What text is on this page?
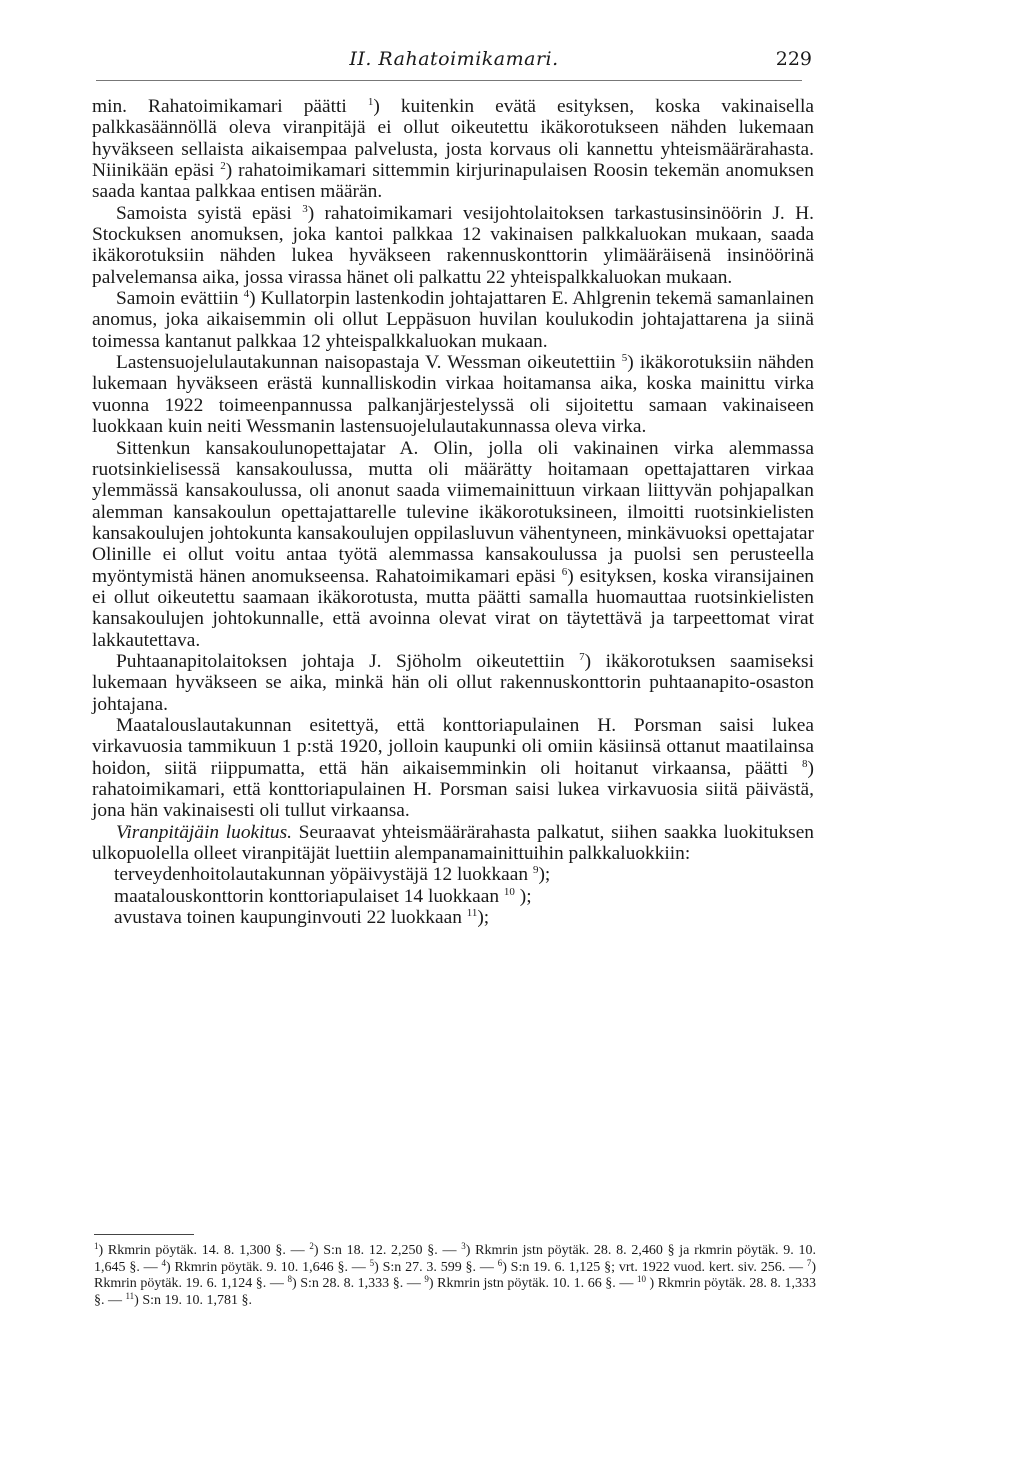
II. Rahatoimikamari.	229

min. Rahatoimikamari päätti $^1$) kuitenkin evätä esityksen, koska vakinaisella palkkasäännöllä oleva viranpitäjä ei ollut oikeutettu ikäkorotukseen nähden lukemaan hyväkseen sellaista aikaisempaa palvelusta, josta korvaus oli kannettu yhteismäärärahasta. Niinikään epäsi $^2$) rahatoimikamari sittemmin kirjurinapulaisen Roosin tekemän anomuksen saada kantaa palkkaa entisen määrän.

Samoista syistä epäsi $^3$) rahatoimikamari vesijohtolaitoksen tarkastusinsinöörin J. H. Stockuksen anomuksen, joka kantoi palkkaa 12 vakinaisen palkkaluokan mukaan, saada ikäkorotuksiin nähden lukea hyväkseen rakennuskonttorin ylimääräisenä insinöörinä palvelemansa aika, jossa virassa hänet oli palkattu 22 yhteispalkkaluokan mukaan.

Samoin evättiin $^4$) Kullatorpin lastenkodin johtajattaren E. Ahlgrenin tekemä samanlainen anomus, joka aikaisemmin oli ollut Leppäsuon huvilan koulukodin johtajattarena ja siinä toimessa kantanut palkkaa 12 yhteispalkkaluokan mukaan.

Lastensuojelulautakunnan naisopastaja V. Wessman oikeutettiin $^5$) ikäkorotuksiin nähden lukemaan hyväkseen erästä kunnalliskodin virkaa hoitamansa aika, koska mainittu virka vuonna 1922 toimeenpannussa palkanjärjestelyssä oli sijoitettu samaan vakinaiseen luokkaan kuin neiti Wessmanin lastensuojelulautakunnassa oleva virka.

Sittenkun kansakoulunopettajatar A. Olin, jolla oli vakinainen virka alemmassa ruotsinkielisessä kansakoulussa, mutta oli määrätty hoitamaan opettajattaren virkaa ylemmässä kansakoulussa, oli anonut saada viimemainittuun virkaan liittyvän pohjapalkan alemman kansakoulun opettajattarelle tulevine ikäkorotuksineen, ilmoitti ruotsinkielisten kansakoulujen johtokunta kansakoulujen oppilasluvun vähentyneen, minkävuoksi opettajatar Olinille ei ollut voitu antaa työtä alemmassa kansakoulussa ja puolsi sen perusteella myöntymistä hänen anomukseensa. Rahatoimikamari epäsi $^6$) esityksen, koska viransijainen ei ollut oikeutettu saamaan ikäkorotusta, mutta päätti samalla huomauttaa ruotsinkielisten kansakoulujen johtokunnalle, että avoinna olevat virat on täytettävä ja tarpeettomat virat lakkautettava.

Puhtaanapitolaitoksen johtaja J. Sjöholm oikeutettiin $^7$) ikäkorotuksen saamiseksi lukemaan hyväkseen se aika, minkä hän oli ollut rakennuskonttorin puhtaanapito-osaston johtajana.

Maatalouslautakunnan esitettyä, että konttoriapulainen H. Porsman saisi lukea virkavuosia tammikuun 1 p:stä 1920, jolloin kaupunki oli omiin käsiinsä ottanut maatilainsa hoidon, siitä riippumatta, että hän aikaisemminkin oli hoitanut virkaansa, päätti $^8$) rahatoimikamari, että konttoriapulainen H. Porsman saisi lukea virkavuosia siitä päivästä, jona hän vakinaisesti oli tullut virkaansa.

Viranpitäjäin luokitus. Seuraavat yhteismäärärahasta palkatut, siihen saakka luokituksen ulkopuolella olleet viranpitäjät luettiin alempanamainittuihin palkkaluokkiin:

terveydenhoitolautakunnan yöpäivystäjä 12 luokkaan $^9$);
maatalouskonttorin konttoriapulaiset 14 luokkaan $^{10}$ );
avustava toinen kaupunginvouti 22 luokkaan $^{11}$);
$^1$) Rkmrin pöytäk. 14. 8. 1,300 §. — $^2$) S:n 18. 12. 2,250 §. — $^3$) Rkmrin jstn pöytäk. 28. 8. 2,460 § ja rkmrin pöytäk. 9. 10. 1,645 §. — $^4$) Rkmrin pöytäk. 9. 10. 1,646 §. — $^5$) S:n 27. 3. 599 §. — $^6$) S:n 19. 6. 1,125 §; vrt. 1922 vuod. kert. siv. 256. — $^7$) Rkmrin pöytäk. 19. 6. 1,124 §. — $^8$) S:n 28. 8. 1,333 §. — $^9$) Rkmrin jstn pöytäk. 10. 1. 66 §. — $^{10}$ ) Rkmrin pöytäk. 28. 8. 1,333 §. — $^{11}$) S:n 19. 10. 1,781 §.
